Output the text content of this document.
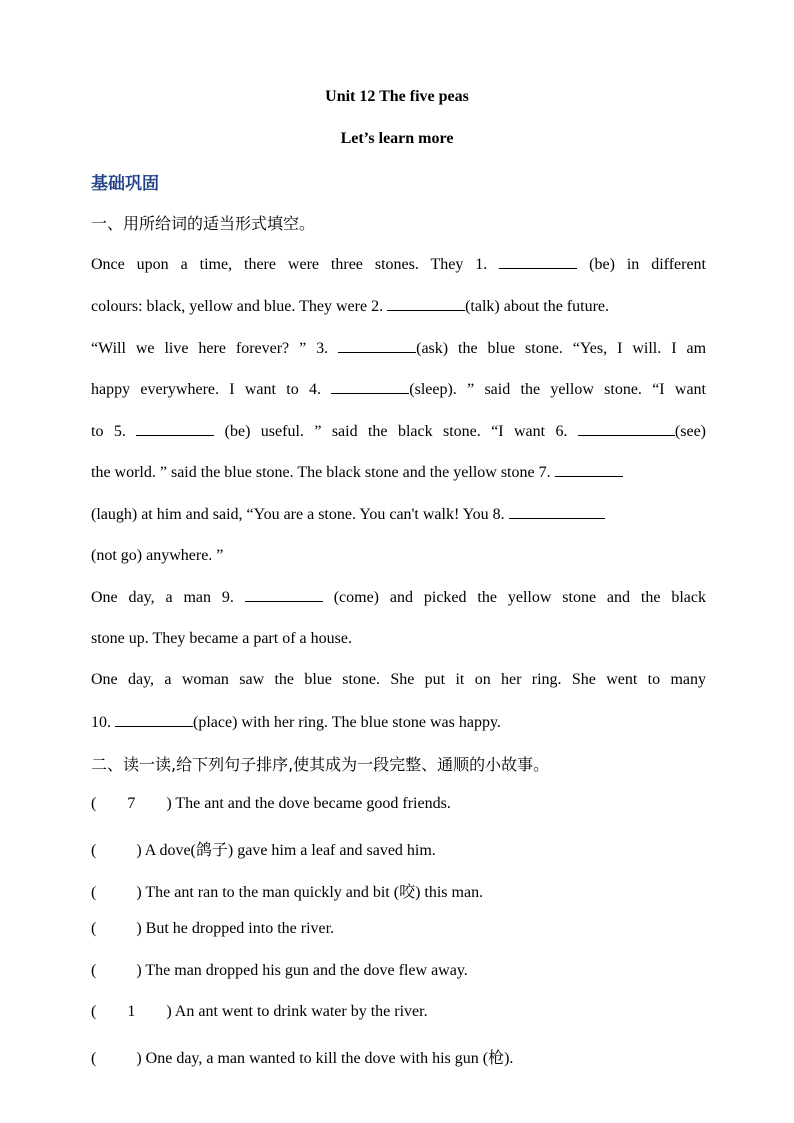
Unit 12 The five peas
Let’s learn more
基础巩固
一、用所给词的适当形式填空。
Once upon a time, there were three stones. They 1.	(be) in different
colours: black, yellow and blue. They were 2.	(talk) about the future.
“Will we live here forever? ” 3.	(ask) the blue stone. “Yes, I will. I am
happy everywhere. I want to 4.	(sleep). ” said the yellow stone. “I want
to 5.	(be) useful. ” said the black stone. “I want 6.	(see)
the world. ” said the blue stone. The black stone and the yellow stone 7.
(laugh) at him and said, “You are a stone. You can't walk! You 8.
(not go) anywhere. ”
One day, a man 9.	(come) and picked the yellow stone and the black
stone up. They became a part of a house.
One day, a woman saw the blue stone. She put it on her ring. She went to many
10.	(place) with her ring. The blue stone was happy.
二、读一读,给下列句子排序,使其成为一段完整、通顺的小故事。
( 7 ) The ant and the dove became good friends.
(	) A dove(鸽子) gave him a leaf and saved him.
(	) The ant ran to the man quickly and bit (咬) this man.
(	) But he dropped into the river.
(	) The man dropped his gun and the dove flew away.
( 1 ) An ant went to drink water by the river.
(	) One day, a man wanted to kill the dove with his gun (枪).
